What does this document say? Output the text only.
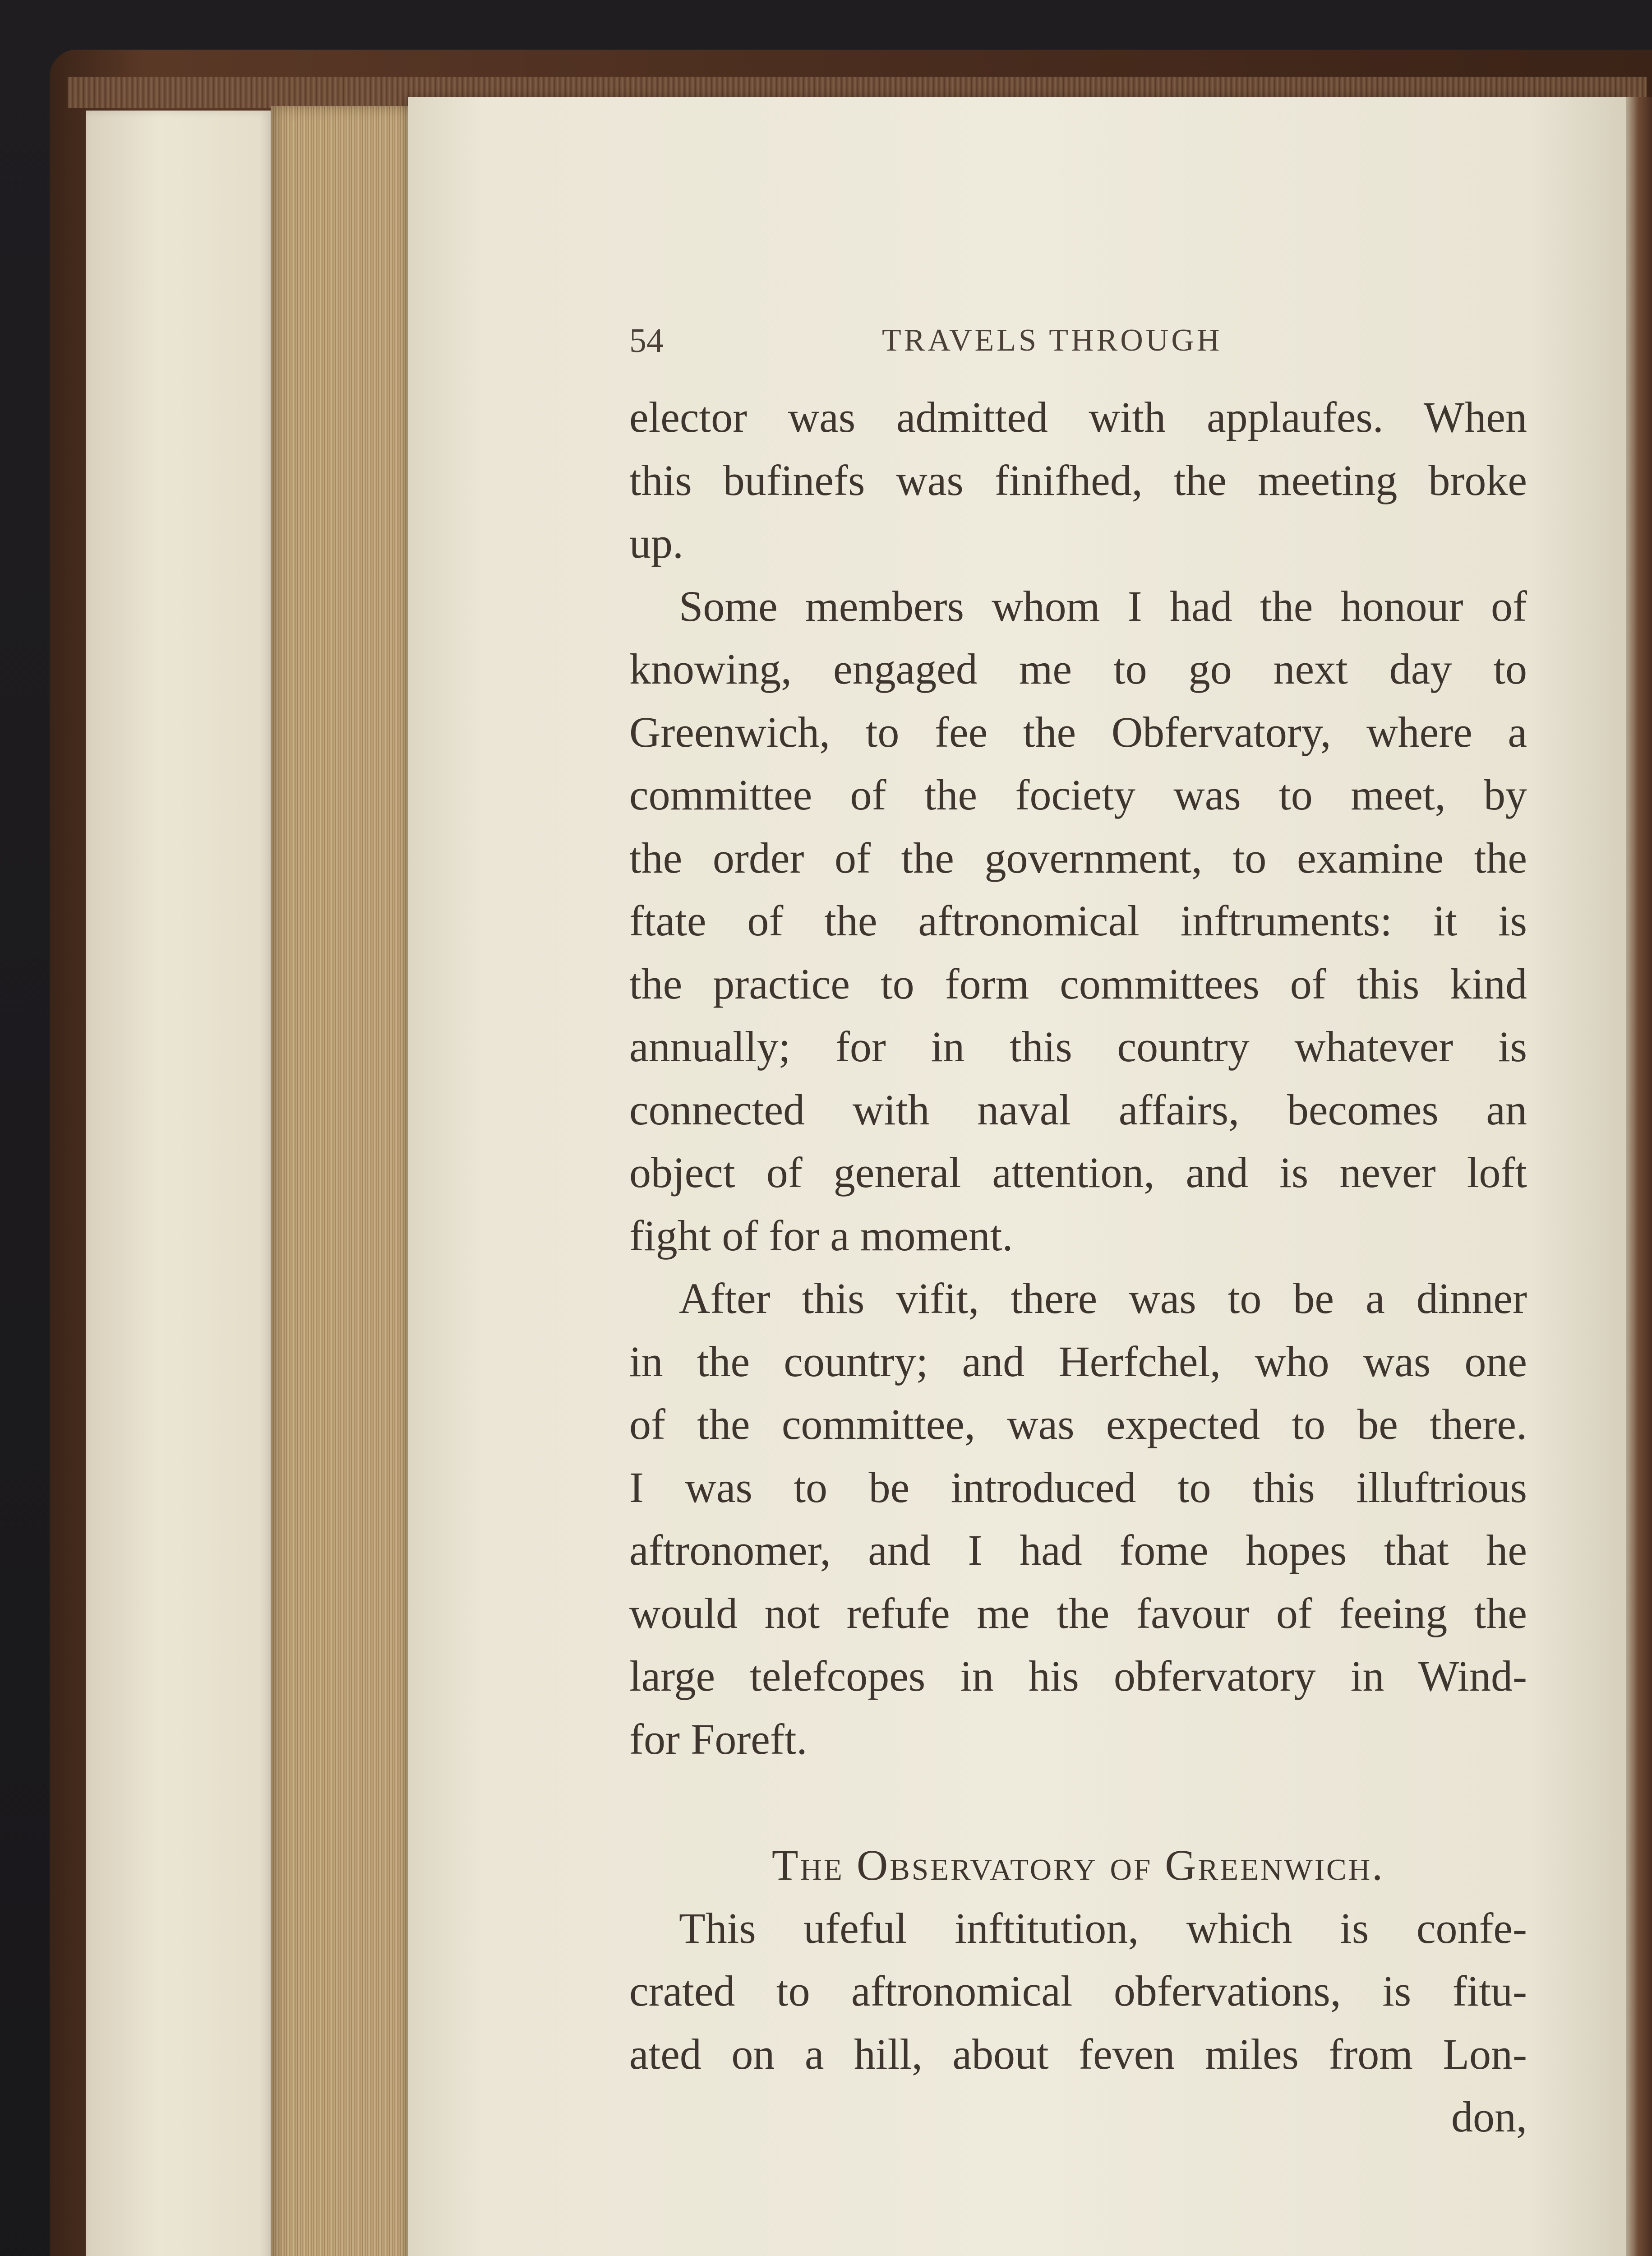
54	TRAVELS THROUGH
elector was admitted with applaufes. When
this bufinefs was finifhed, the meeting broke
up.
Some members whom I had the honour of
knowing, engaged me to go next day to
Greenwich, to fee the Obfervatory, where a
committee of the fociety was to meet, by
the order of the government, to examine the
ftate of the aftronomical inftruments: it is
the practice to form committees of this kind
annually; for in this country whatever is
connected with naval affairs, becomes an
object of general attention, and is never loft
fight of for a moment.
After this vifit, there was to be a dinner
in the country; and Herfchel, who was one
of the committee, was expected to be there.
I was to be introduced to this illuftrious
aftronomer, and I had fome hopes that he
would not refufe me the favour of feeing the
large telefcopes in his obfervatory in Wind-
for Foreft.
The Observatory of Greenwich.
This ufeful inftitution, which is confe-
crated to aftronomical obfervations, is fitu-
ated on a hill, about feven miles from Lon-
don,
